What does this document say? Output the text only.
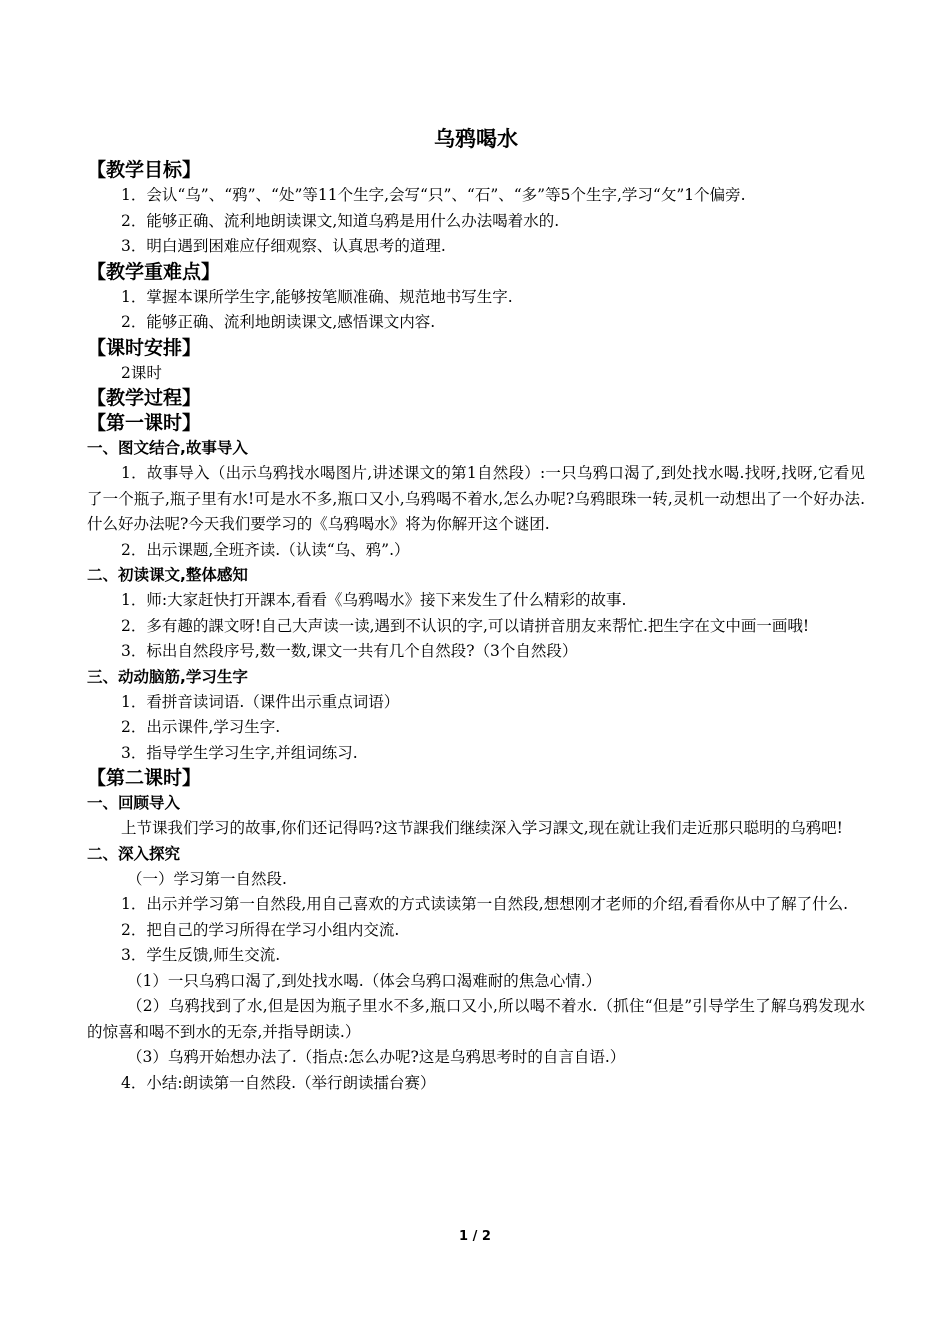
乌鸦喝水

【教学目标】

1．会认“乌”、“鸦”、“处”等11个生字,会写“只”、“石”、“多”等5个生字,学习“攵”1个偏旁.

2．能够正确、流利地朗读课文,知道乌鸦是用什么办法喝着水的.

3．明白遇到困难应仔细观察、认真思考的道理.

【教学重难点】

1．掌握本课所学生字,能够按笔顺准确、规范地书写生字.

2．能够正确、流利地朗读课文,感悟课文内容.

【课时安排】

2课时

【教学过程】

【第一课时】

一、图文结合,故事导入

1．故事导入（出示乌鸦找水喝图片,讲述课文的第1自然段）:一只乌鸦口渴了,到处找水喝.找呀,找呀,它看见了一个瓶子,瓶子里有水!可是水不多,瓶口又小,乌鸦喝不着水,怎么办呢?乌鸦眼珠一转,灵机一动想出了一个好办法.什么好办法呢?今天我们要学习的《乌鸦喝水》将为你解开这个谜团.

2．出示课题,全班齐读.（认读“乌、鸦”.）

二、初读课文,整体感知

1．师:大家赶快打开課本,看看《乌鸦喝水》接下来发生了什么精彩的故事.

2．多有趣的課文呀!自己大声读一读,遇到不认识的字,可以请拼音朋友来帮忙.把生字在文中画一画哦!

3．标出自然段序号,数一数,课文一共有几个自然段?（3个自然段）

三、动动脑筋,学习生字

1．看拼音读词语.（课件出示重点词语）

2．出示课件,学习生字.

3．指导学生学习生字,并组词练习.

【第二课时】

一、回顾导入

上节课我们学习的故事,你们还记得吗?这节課我们继续深入学习課文,现在就让我们走近那只聪明的乌鸦吧!

二、深入探究

（一）学习第一自然段.

1．出示并学习第一自然段,用自己喜欢的方式读读第一自然段,想想刚才老师的介绍,看看你从中了解了什么.

2．把自己的学习所得在学习小组内交流.

3．学生反馈,师生交流.

（1）一只乌鸦口渴了,到处找水喝.（体会乌鸦口渴难耐的焦急心情.）

（2）乌鸦找到了水,但是因为瓶子里水不多,瓶口又小,所以喝不着水.（抓住“但是”引导学生了解乌鸦发现水的惊喜和喝不到水的无奈,并指导朗读.）

（3）乌鸦开始想办法了.（指点:怎么办呢?这是乌鸦思考时的自言自语.）

4．小结:朗读第一自然段.（举行朗读擂台赛）

1 / 2
